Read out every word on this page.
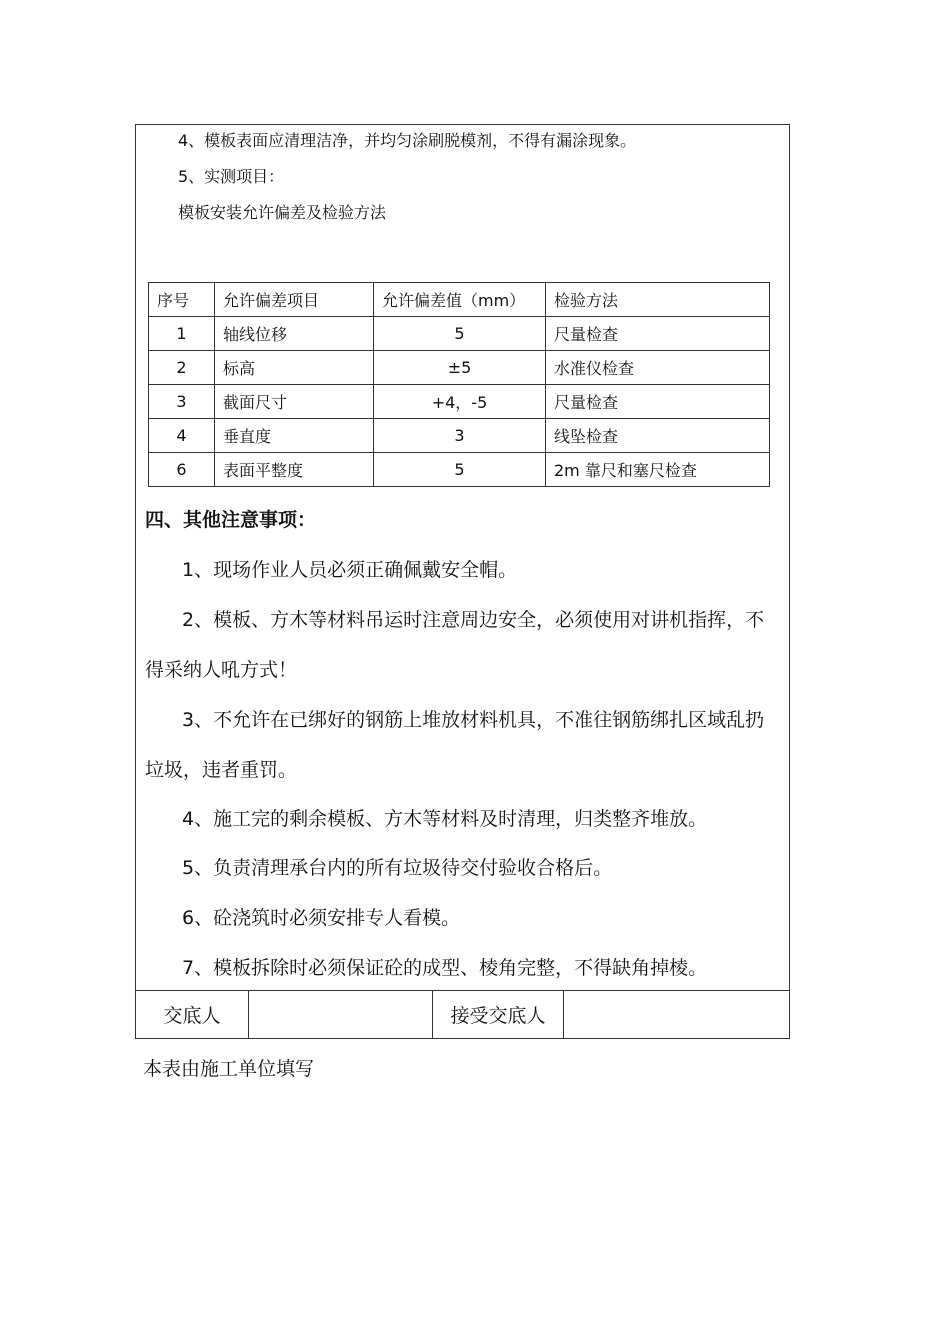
4、模板表面应清理洁净，并均匀涂刷脱模剂，不得有漏涂现象。
5、实测项目：
模板安装允许偏差及检验方法
序号	允许偏差项目	允许偏差值（mm）	检验方法
1	轴线位移	5	尺量检查
2	标高	±5	水准仪检查
3	截面尺寸	+4，-5	尺量检查
4	垂直度	3	线坠检查
6	表面平整度	5	2m 靠尺和塞尺检查
四、其他注意事项：
1、现场作业人员必须正确佩戴安全帽。
2、模板、方木等材料吊运时注意周边安全，必须使用对讲机指挥，不
得采纳人吼方式！
3、不允许在已绑好的钢筋上堆放材料机具，不准往钢筋绑扎区域乱扔
垃圾，违者重罚。
4、施工完的剩余模板、方木等材料及时清理，归类整齐堆放。
5、负责清理承台内的所有垃圾待交付验收合格后。
6、砼浇筑时必须安排专人看模。
7、模板拆除时必须保证砼的成型、棱角完整，不得缺角掉棱。
交底人	接受交底人
本表由施工单位填写
